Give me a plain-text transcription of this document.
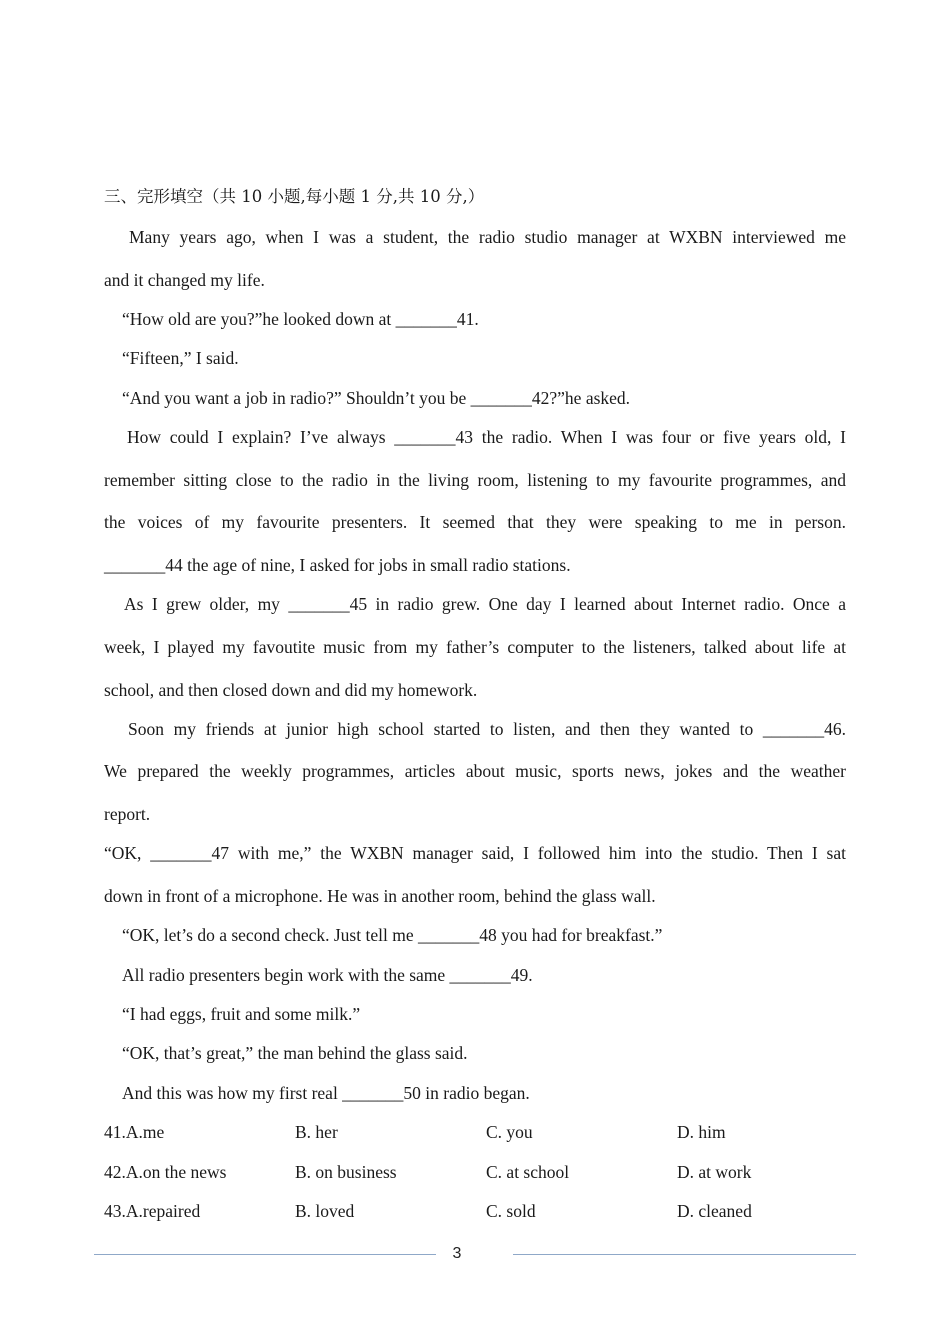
三、完形填空（共 10 小题,每小题 1 分,共 10 分,）
Many years ago, when I was a student, the radio studio manager at WXBN interviewed me
and it changed my life.
“How old are you?”he looked down at _______41.
“Fifteen,” I said.
“And you want a job in radio?” Shouldn’t you be _______42?”he asked.
How could I explain? I’ve always _______43 the radio. When I was four or five years old, I
remember sitting close to the radio in the living room, listening to my favourite programmes, and
the voices of my favourite presenters. It seemed that they were speaking to me in person.
_______44 the age of nine, I asked for jobs in small radio stations.
As I grew older, my _______45 in radio grew. One day I learned about Internet radio. Once a
week, I played my favoutite music from my father’s computer to the listeners, talked about life at
school, and then closed down and did my homework.
Soon my friends at junior high school started to listen, and then they wanted to _______46.
We prepared the weekly programmes, articles about music, sports news, jokes and the weather
report.
“OK, _______47 with me,” the WXBN manager said, I followed him into the studio. Then I sat
down in front of a microphone. He was in another room, behind the glass wall.
“OK, let’s do a second check. Just tell me _______48 you had for breakfast.”
All radio presenters begin work with the same _______49.
“I had eggs, fruit and some milk.”
“OK, that’s great,” the man behind the glass said.
And this was how my first real _______50 in radio began.
41.A.me	B. her	C. you	D. him
42.A.on the news	B. on business	C. at school	D. at work
43.A.repaired	B. loved	C. sold	D. cleaned
3
